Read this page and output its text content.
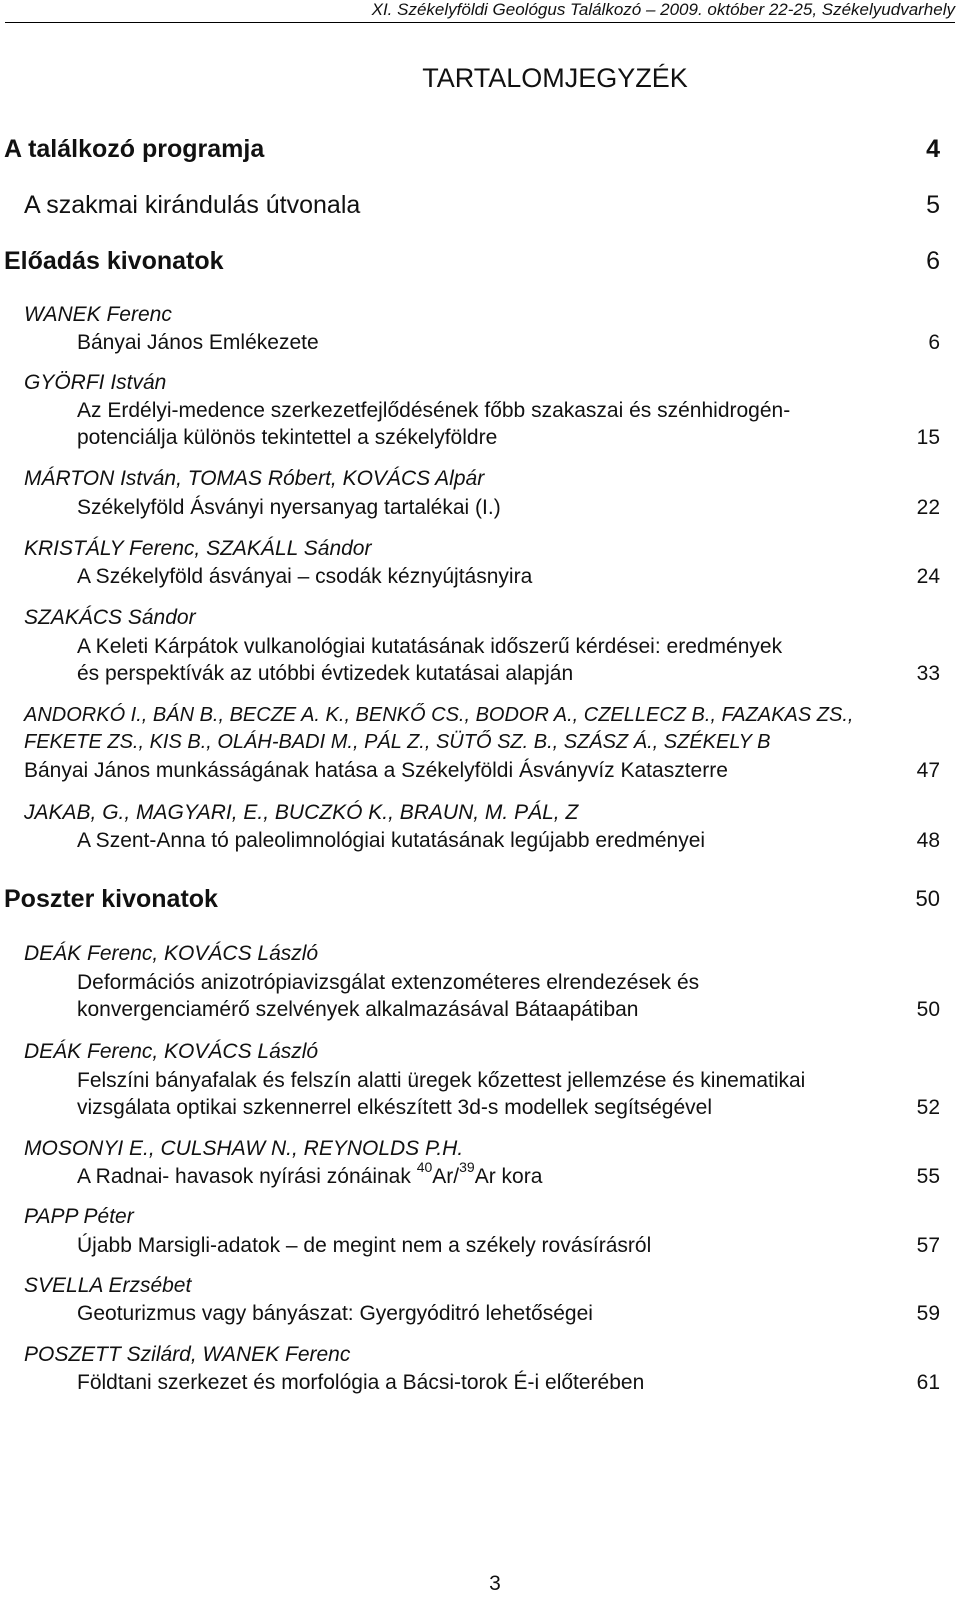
XI. Székelyföldi Geológus Találkozó – 2009. október 22-25, Székelyudvarhely
TARTALOMJEGYZÉK
A találkozó programja	4
A szakmai kirándulás útvonala	5
Előadás kivonatok	6
WANEK Ferenc
Bányai János Emlékezete	6
GYÖRFI István
Az Erdélyi-medence szerkezetfejlődésének főbb szakaszai és szénhidrogén-
potenciálja különös tekintettel a székelyföldre	15
MÁRTON István, TOMAS Róbert, KOVÁCS Alpár
Székelyföld Ásványi nyersanyag tartalékai (I.)	22
KRISTÁLY Ferenc, SZAKÁLL Sándor
A Székelyföld ásványai – csodák kéznyújtásnyira	24
SZAKÁCS Sándor
A Keleti Kárpátok vulkanológiai kutatásának időszerű kérdései: eredmények
és perspektívák az utóbbi évtizedek kutatásai alapján	33
ANDORKÓ I., BÁN B., BECZE A. K., BENKŐ CS., BODOR A., CZELLECZ B., FAZAKAS ZS.,
FEKETE ZS., KIS B., OLÁH-BADI M., PÁL Z., SÜTŐ SZ. B., SZÁSZ Á., SZÉKELY B
Bányai János munkásságának hatása a Székelyföldi Ásványvíz Kataszterre	47
JAKAB, G., MAGYARI, E., BUCZKÓ K., BRAUN, M. PÁL, Z
A Szent-Anna tó paleolimnológiai kutatásának legújabb eredményei	48
Poszter kivonatok	50
DEÁK Ferenc, KOVÁCS László
Deformációs anizotrópiavizsgálat extenzométeres elrendezések és
konvergenciamérő szelvények alkalmazásával Bátaapátiban	50
DEÁK Ferenc, KOVÁCS László
Felszíni bányafalak és felszín alatti üregek kőzettest jellemzése és kinematikai
vizsgálata optikai szkennerrel elkészített 3d-s modellek segítségével	52
MOSONYI E., CULSHAW N., REYNOLDS P.H.
A Radnai- havasok nyírási zónáinak $^{40}$Ar/$^{39}$Ar kora	55
PAPP Péter
Újabb Marsigli-adatok – de megint nem a székely rovásírásról	57
SVELLA Erzsébet
Geoturizmus vagy bányászat: Gyergyóditró lehetőségei	59
POSZETT Szilárd, WANEK Ferenc
Földtani szerkezet és morfológia a Bácsi-torok É-i előterében	61
3
